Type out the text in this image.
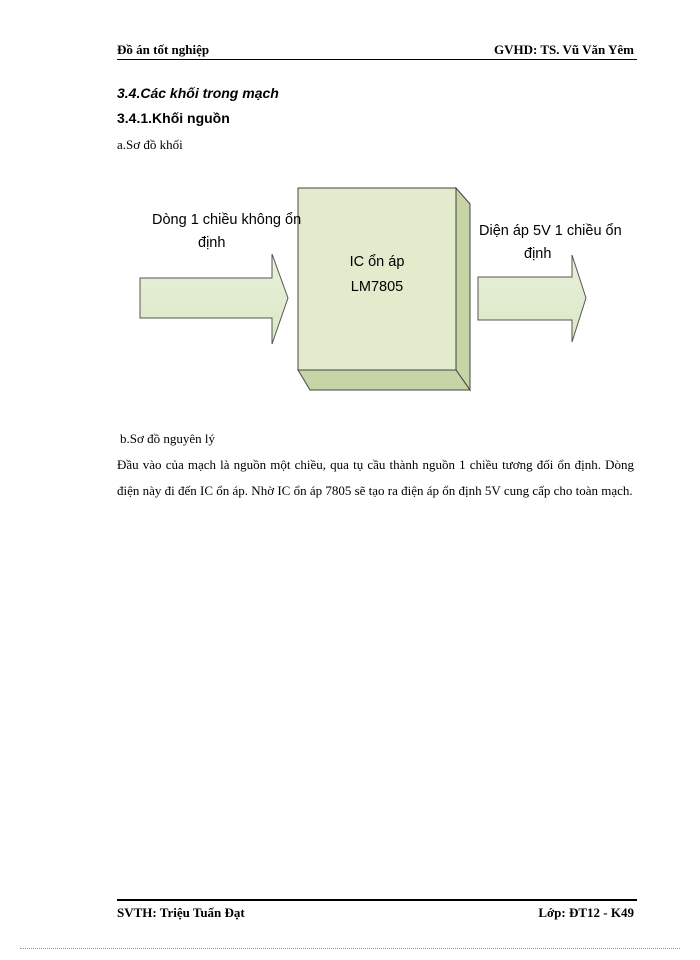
Đồ án tốt nghiệp	GVHD: TS. Vũ Văn Yêm
3.4.Các khối trong mạch
3.4.1.Khối nguồn
a.Sơ đồ khối
Dòng 1 chiều không ổn
định
IC ổn áp
LM7805
Diện áp 5V 1 chiều ổn
định
b.Sơ đồ nguyên lý
Đầu vào của mạch là nguồn một chiều, qua tụ cầu thành nguồn 1 chiều tương đối ổn định. Dòng điện này đi đến IC ổn áp. Nhờ IC ổn áp 7805 sẽ tạo ra điện áp ổn định 5V cung cấp cho toàn mạch.
SVTH: Triệu Tuấn Đạt	Lớp: ĐT12 - K49
